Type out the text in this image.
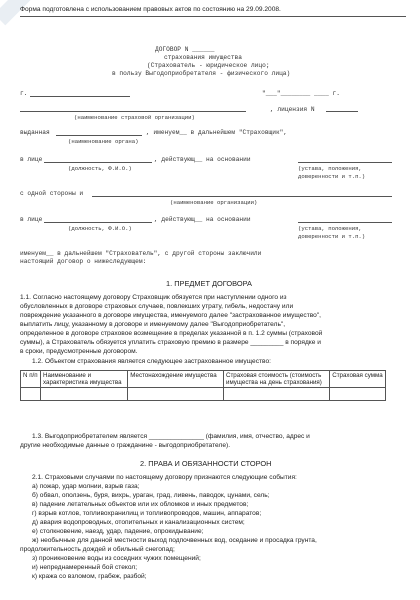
Форма подготовлена с использованием правовых актов по состоянию на 29.09.2008.
ДОГОВОР N ______
страхования имущества
(Страхователь - юридическое лицо;
в пользу Выгодоприобретателя - физического лица)
г.	"___"________ ____ г.
, лицензия N
(наименование страховой организации)
выданная	, именуем__ в дальнейшем "Страховщик",
(наименование органа)
в лице	, действующ__ на основании
(должность, Ф.И.О.)	(устава, положения,
доверенности и т.п.)
с одной стороны и
(наименование организации)
в лице	, действующ__ на основании
(должность, Ф.И.О.)	(устава, положения,
доверенности и т.п.)
именуем__ в дальнейшем "Страхователь", с другой стороны заключили
настоящий договор о нижеследующем:
1. ПРЕДМЕТ ДОГОВОРА
1.1. Согласно настоящему договору Страховщик обязуется при наступлении одного из
обусловленных в договоре страховых случаев, повлекших утрату, гибель, недостачу или
повреждение указанного в договоре имущества, именуемого далее "застрахованное имущество",
выплатить лицу, указанному в договоре и именуемому далее "Выгодоприобретатель",
определенное в договоре страховое возмещение в пределах указанной в п. 1.2 суммы (страховой
суммы), а Страхователь обязуется уплатить страховую премию в размере _________ в порядке и
в сроки, предусмотренные договором.
1.2. Объектом страхования является следующее застрахованное имущество:
N п/п	Наименование и характеристика имущества	Местонахождение имущества	Страховая стоимость (стоимость имущества на день страхования)	Страховая сумма

1.3. Выгодоприобретателем является _______________ (фамилия, имя, отчество, адрес и
другие необходимые данные о гражданине - выгодоприобретателе).
2. ПРАВА И ОБЯЗАННОСТИ СТОРОН
2.1. Страховыми случаями по настоящему договору признаются следующие события:
а) пожар, удар молнии, взрыв газа;
б) обвал, оползень, буря, вихрь, ураган, град, ливень, паводок, цунами, сель;
в) падение летательных объектов или их обломков и иных предметов;
г) взрыв котлов, топливохранилищ и топливопроводов, машин, аппаратов;
д) авария водопроводных, отопительных и канализационных систем;
е) столкновение, наезд, удар, падение, опрокидывание;
ж) необычные для данной местности выход подпочвенных вод, оседание и просадка грунта,
продолжительность дождей и обильный снегопад;
з) проникновение воды из соседних чужих помещений;
и) непреднамеренный бой стекол;
к) кража со взломом, грабеж, разбой;
